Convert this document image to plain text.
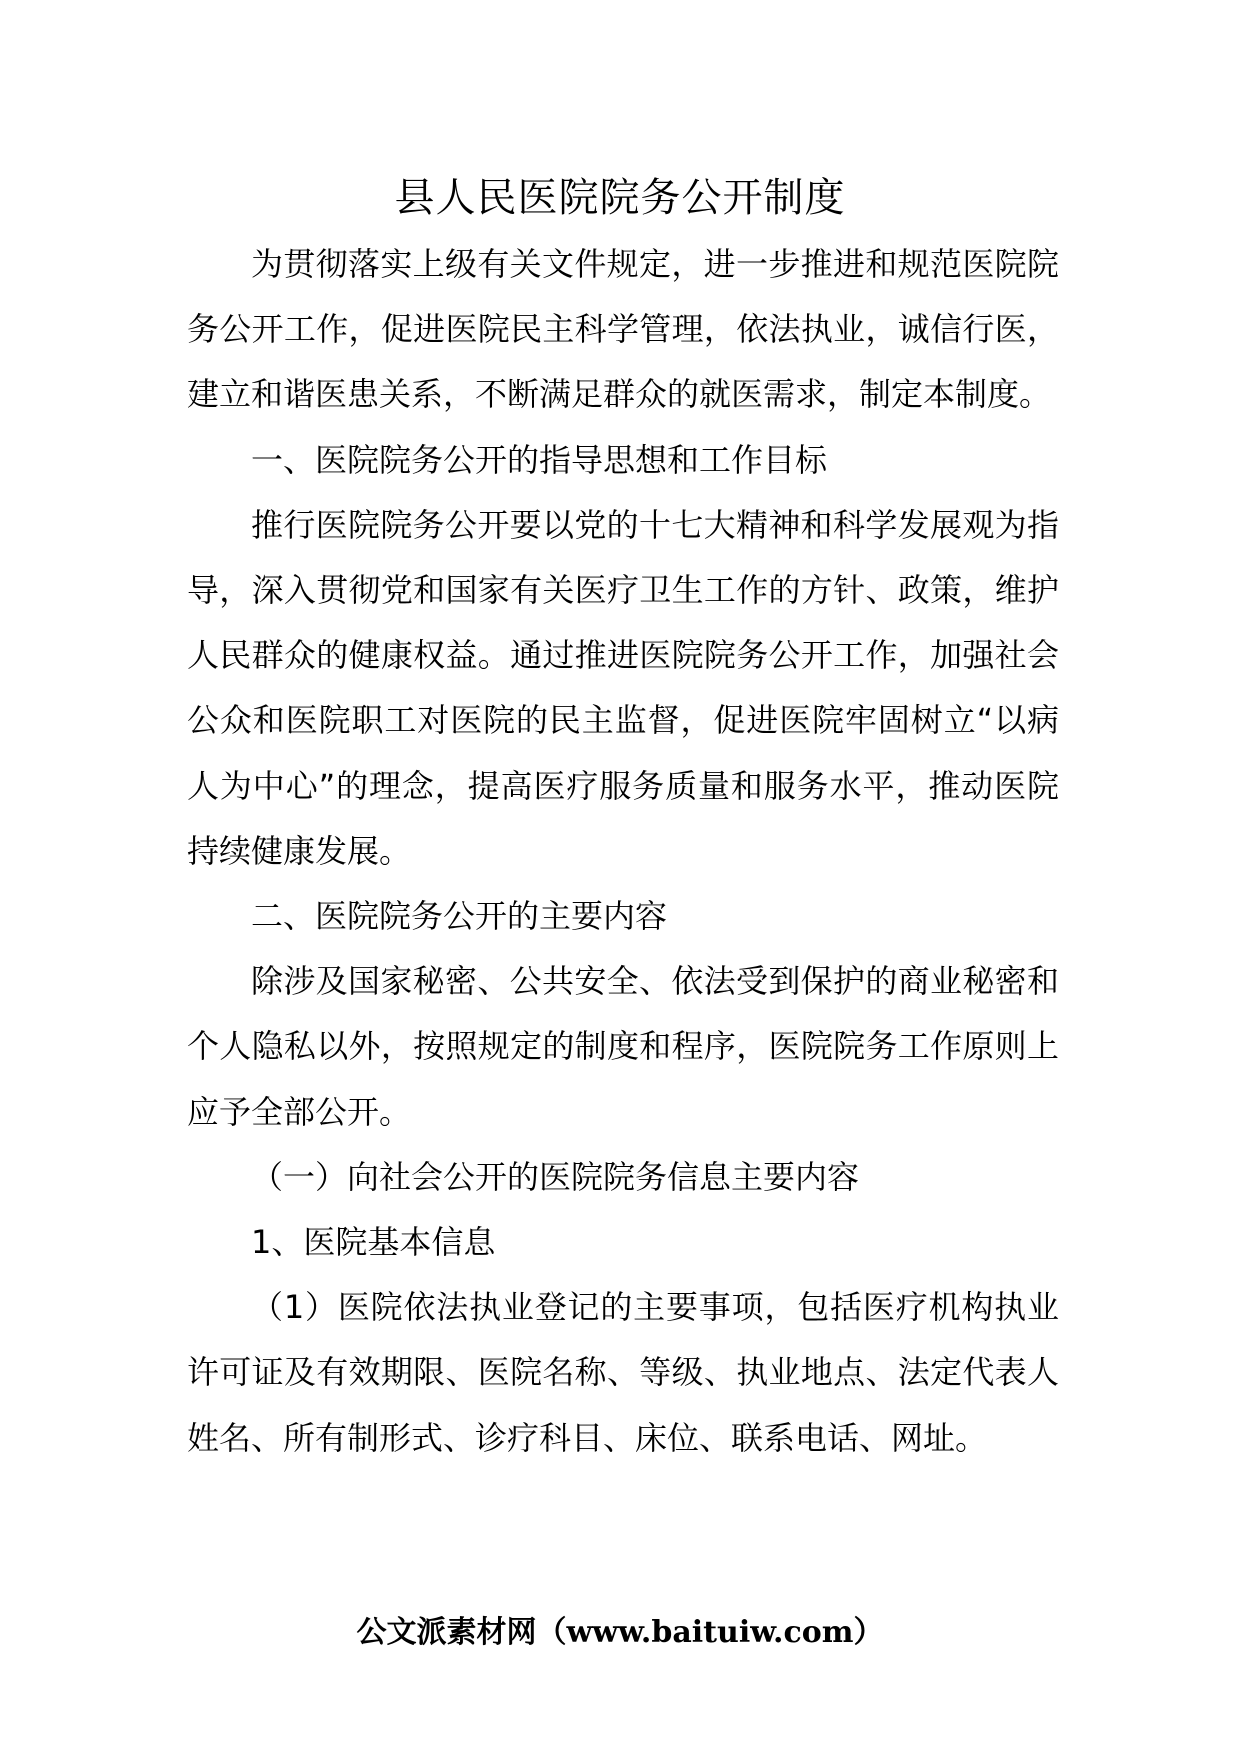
县人民医院院务公开制度

为贯彻落实上级有关文件规定，进一步推进和规范医院院务公开工作，促进医院民主科学管理，依法执业，诚信行医，建立和谐医患关系，不断满足群众的就医需求，制定本制度。

一、医院院务公开的指导思想和工作目标

推行医院院务公开要以党的十七大精神和科学发展观为指导，深入贯彻党和国家有关医疗卫生工作的方针、政策，维护人民群众的健康权益。通过推进医院院务公开工作，加强社会公众和医院职工对医院的民主监督，促进医院牢固树立“以病人为中心”的理念，提高医疗服务质量和服务水平，推动医院持续健康发展。

二、医院院务公开的主要内容

除涉及国家秘密、公共安全、依法受到保护的商业秘密和个人隐私以外，按照规定的制度和程序，医院院务工作原则上应予全部公开。

（一）向社会公开的医院院务信息主要内容

1、医院基本信息

（1）医院依法执业登记的主要事项，包括医疗机构执业许可证及有效期限、医院名称、等级、执业地点、法定代表人姓名、所有制形式、诊疗科目、床位、联系电话、网址。

公文派素材网（www.baituiw.com）
